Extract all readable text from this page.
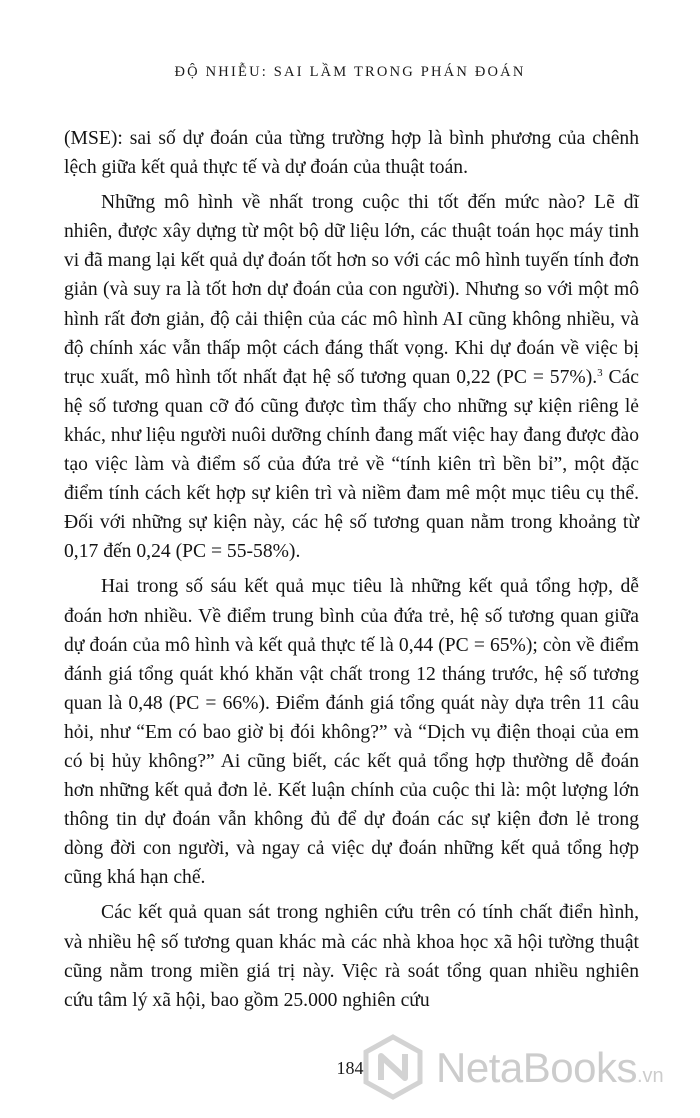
ĐỘ NHIỄU: SAI LẦM TRONG PHÁN ĐOÁN

(MSE): sai số dự đoán của từng trường hợp là bình phương của chênh lệch giữa kết quả thực tế và dự đoán của thuật toán.

Những mô hình về nhất trong cuộc thi tốt đến mức nào? Lẽ dĩ nhiên, được xây dựng từ một bộ dữ liệu lớn, các thuật toán học máy tinh vi đã mang lại kết quả dự đoán tốt hơn so với các mô hình tuyến tính đơn giản (và suy ra là tốt hơn dự đoán của con người). Nhưng so với một mô hình rất đơn giản, độ cải thiện của các mô hình AI cũng không nhiều, và độ chính xác vẫn thấp một cách đáng thất vọng. Khi dự đoán về việc bị trục xuất, mô hình tốt nhất đạt hệ số tương quan 0,22 (PC = 57%).$^3$ Các hệ số tương quan cỡ đó cũng được tìm thấy cho những sự kiện riêng lẻ khác, như liệu người nuôi dưỡng chính đang mất việc hay đang được đào tạo việc làm và điểm số của đứa trẻ về “tính kiên trì bền bỉ”, một đặc điểm tính cách kết hợp sự kiên trì và niềm đam mê một mục tiêu cụ thể. Đối với những sự kiện này, các hệ số tương quan nằm trong khoảng từ 0,17 đến 0,24 (PC = 55-58%).

Hai trong số sáu kết quả mục tiêu là những kết quả tổng hợp, dễ đoán hơn nhiều. Về điểm trung bình của đứa trẻ, hệ số tương quan giữa dự đoán của mô hình và kết quả thực tế là 0,44 (PC = 65%); còn về điểm đánh giá tổng quát khó khăn vật chất trong 12 tháng trước, hệ số tương quan là 0,48 (PC = 66%). Điểm đánh giá tổng quát này dựa trên 11 câu hỏi, như “Em có bao giờ bị đói không?” và “Dịch vụ điện thoại của em có bị hủy không?” Ai cũng biết, các kết quả tổng hợp thường dễ đoán hơn những kết quả đơn lẻ. Kết luận chính của cuộc thi là: một lượng lớn thông tin dự đoán vẫn không đủ để dự đoán các sự kiện đơn lẻ trong dòng đời con người, và ngay cả việc dự đoán những kết quả tổng hợp cũng khá hạn chế.

Các kết quả quan sát trong nghiên cứu trên có tính chất điển hình, và nhiều hệ số tương quan khác mà các nhà khoa học xã hội tường thuật cũng nằm trong miền giá trị này. Việc rà soát tổng quan nhiều nghiên cứu tâm lý xã hội, bao gồm 25.000 nghiên cứu

184	NetaBooks.vn
